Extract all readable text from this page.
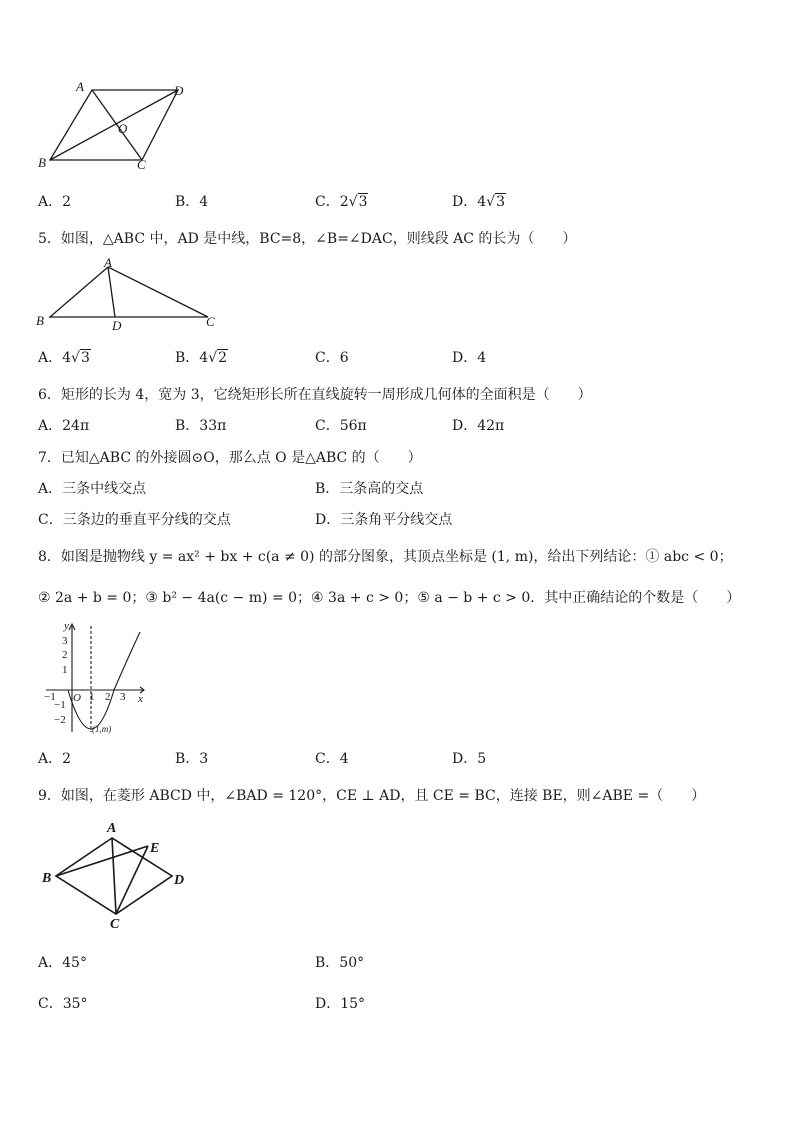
A	D
O
B	C
A．2	B．4	C．2√3	D．4√3
5．如图，△ABC 中，AD 是中线，BC=8，∠B=∠DAC，则线段 AC 的长为（　　）
A
B	D	C
A．4√3	B．4√2	C．6	D．4
6．矩形的长为 4，宽为 3，它绕矩形长所在直线旋转一周形成几何体的全面积是（　　）
A．24π	B．33π	C．56π	D．42π
7．已知△ABC 的外接圆⊙O，那么点 O 是△ABC 的（　　）
A．三条中线交点	B．三条高的交点
C．三条边的垂直平分线的交点	D．三条角平分线交点
8．如图是抛物线 y = ax² + bx + c(a ≠ 0) 的部分图象，其顶点坐标是 (1, m)，给出下列结论：① abc < 0；
② 2a + b = 0；③ b² − 4a(c − m) = 0；④ 3a + c > 0；⑤ a − b + c > 0．其中正确结论的个数是（　　）
y
x
O
3
2
1
−1
−2
−1	1 2 3
(1,m)
A．2	B．3	C．4	D．5
9．如图，在菱形 ABCD 中，∠BAD = 120°，CE ⊥ AD，且 CE = BC，连接 BE，则∠ABE =（　　）
A
E
B	D
C
A．45°	B．50°
C．35°	D．15°
